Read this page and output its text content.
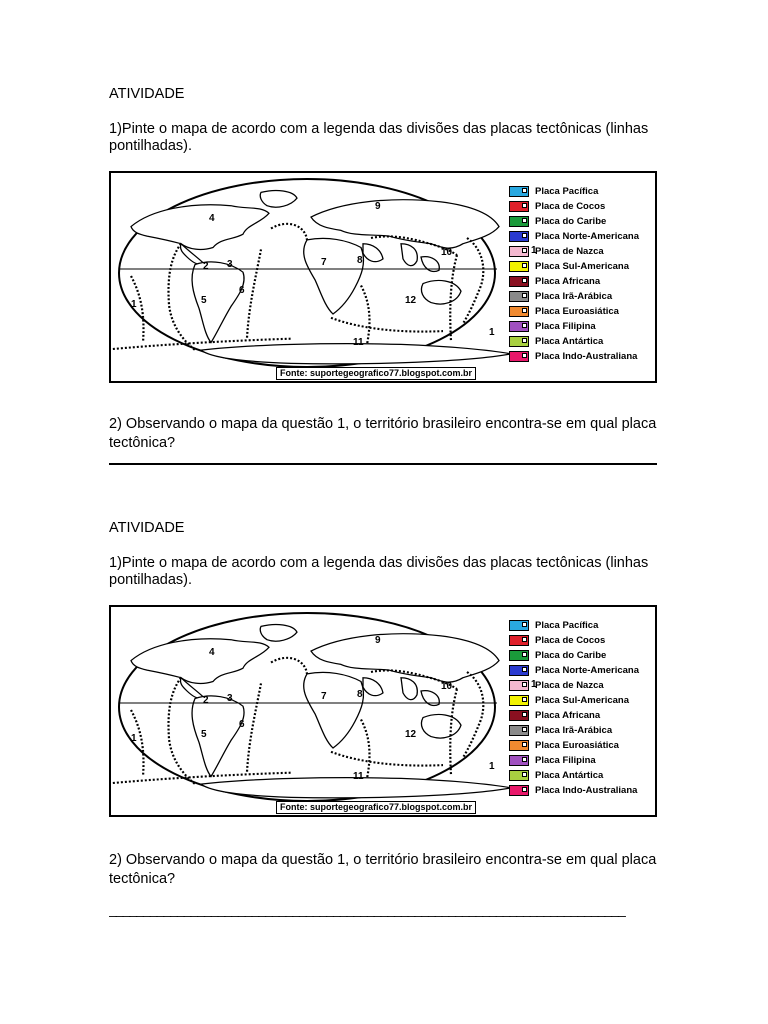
ATIVIDADE

1)Pinte o mapa de acordo com a legenda das divisões das placas tectônicas (linhas pontilhadas).
1
1
1
2 3
4
5
6
7	8
9
10
11
12
Placa Pacífica
Placa de Cocos
Placa do Caribe
Placa Norte-Americana
Placa de Nazca
Placa Sul-Americana
Placa Africana
Placa Irã-Arábica
Placa Euroasiática
Placa Filipina
Placa Antártica
Placa Indo-Australiana
Fonte: suportegeografico77.blogspot.com.br
2) Observando o mapa da questão 1, o território brasileiro encontra-se em qual placa tectônica?

ATIVIDADE

1)Pinte o mapa de acordo com a legenda das divisões das placas tectônicas (linhas pontilhadas).
1
1
1
2 3
4
5
6
7	8
9
10
11
12
Placa Pacífica
Placa de Cocos
Placa do Caribe
Placa Norte-Americana
Placa de Nazca
Placa Sul-Americana
Placa Africana
Placa Irã-Arábica
Placa Euroasiática
Placa Filipina
Placa Antártica
Placa Indo-Australiana
Fonte: suportegeografico77.blogspot.com.br
2) Observando o mapa da questão 1, o território brasileiro encontra-se em qual placa tectônica?
____________________________________________________________________________
